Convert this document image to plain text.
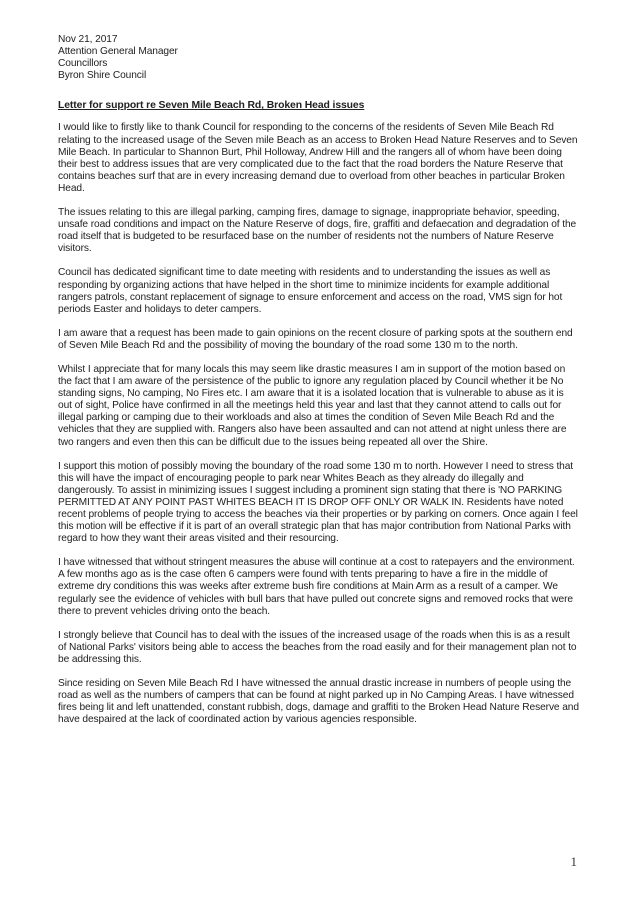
Nov 21, 2017

Attention General Manager

Councillors

Byron Shire Council

Letter for support re Seven Mile Beach Rd, Broken Head issues

I would like to firstly like to thank Council for responding to the concerns of the residents of Seven Mile Beach Rd relating to the increased usage of the Seven mile Beach as an access to Broken Head Nature Reserves and to Seven Mile Beach. In particular to Shannon Burt, Phil Holloway, Andrew Hill and the rangers all of whom have been doing their best to address issues that are very complicated due to the fact that the road borders the Nature Reserve that contains beaches surf that are in every increasing demand due to overload from other beaches in particular Broken Head.

The issues relating to this are illegal parking, camping fires, damage to signage, inappropriate behavior, speeding, unsafe road conditions and impact on the Nature Reserve of dogs, fire, graffiti and defaecation and degradation of the road itself that is budgeted to be resurfaced base on the number of residents not the numbers of Nature Reserve visitors.

Council has dedicated significant time to date meeting with residents and to understanding the issues as well as responding by organizing actions that have helped in the short time to minimize incidents for example additional rangers patrols, constant replacement of signage to ensure enforcement and access on the road, VMS sign for hot periods Easter and holidays to deter campers.

I am aware that a request has been made to gain opinions on the recent closure of parking spots at the southern end of Seven Mile Beach Rd and the possibility of moving the boundary of the road some 130 m to the north.

Whilst I appreciate that for many locals this may seem like drastic measures I am in support of the motion based on the fact that I am aware of the persistence of the public to ignore any regulation placed by Council whether it be No standing signs, No camping, No Fires etc. I am aware that it is a isolated location that is vulnerable to abuse as it is out of sight, Police have confirmed in all the meetings held this year and last that they cannot attend to calls out for illegal parking or camping due to their workloads and also at times the condition of Seven Mile Beach Rd and the vehicles that they are supplied with. Rangers also have been assaulted and can not attend at night unless there are two rangers and even then this can be difficult due to the issues being repeated all over the Shire.

I support this motion of possibly moving the boundary of the road some 130 m to north. However I need to stress that this will have the impact of encouraging people to park near Whites Beach as they already do illegally and dangerously. To assist in minimizing issues I suggest including a prominent sign stating that there is 'NO PARKING PERMITTED AT ANY POINT PAST WHITES BEACH IT IS DROP OFF ONLY OR WALK IN. Residents have noted recent problems of people trying to access the beaches via their properties or by parking on corners. Once again I feel this motion will be effective if it is part of an overall strategic plan that has major contribution from National Parks with regard to how they want their areas visited and their resourcing.

I have witnessed that without stringent measures the abuse will continue at a cost to ratepayers and the environment. A few months ago as is the case often 6 campers were found with tents preparing to have a fire in the middle of extreme dry conditions this was weeks after extreme bush fire conditions at Main Arm as a result of a camper. We regularly see the evidence of vehicles with bull bars that have pulled out concrete signs and removed rocks that were there to prevent vehicles driving onto the beach.

I strongly believe that Council has to deal with the issues of the increased usage of the roads when this is as a result of National Parks' visitors being able to access the beaches from the road easily and for their management plan not to be addressing this.

Since residing on Seven Mile Beach Rd I have witnessed the annual drastic increase in numbers of people using the road as well as the numbers of campers that can be found at night parked up in No Camping Areas. I have witnessed fires being lit and left unattended, constant rubbish, dogs, damage and graffiti to the Broken Head Nature Reserve and have despaired at the lack of coordinated action by various agencies responsible.

1
